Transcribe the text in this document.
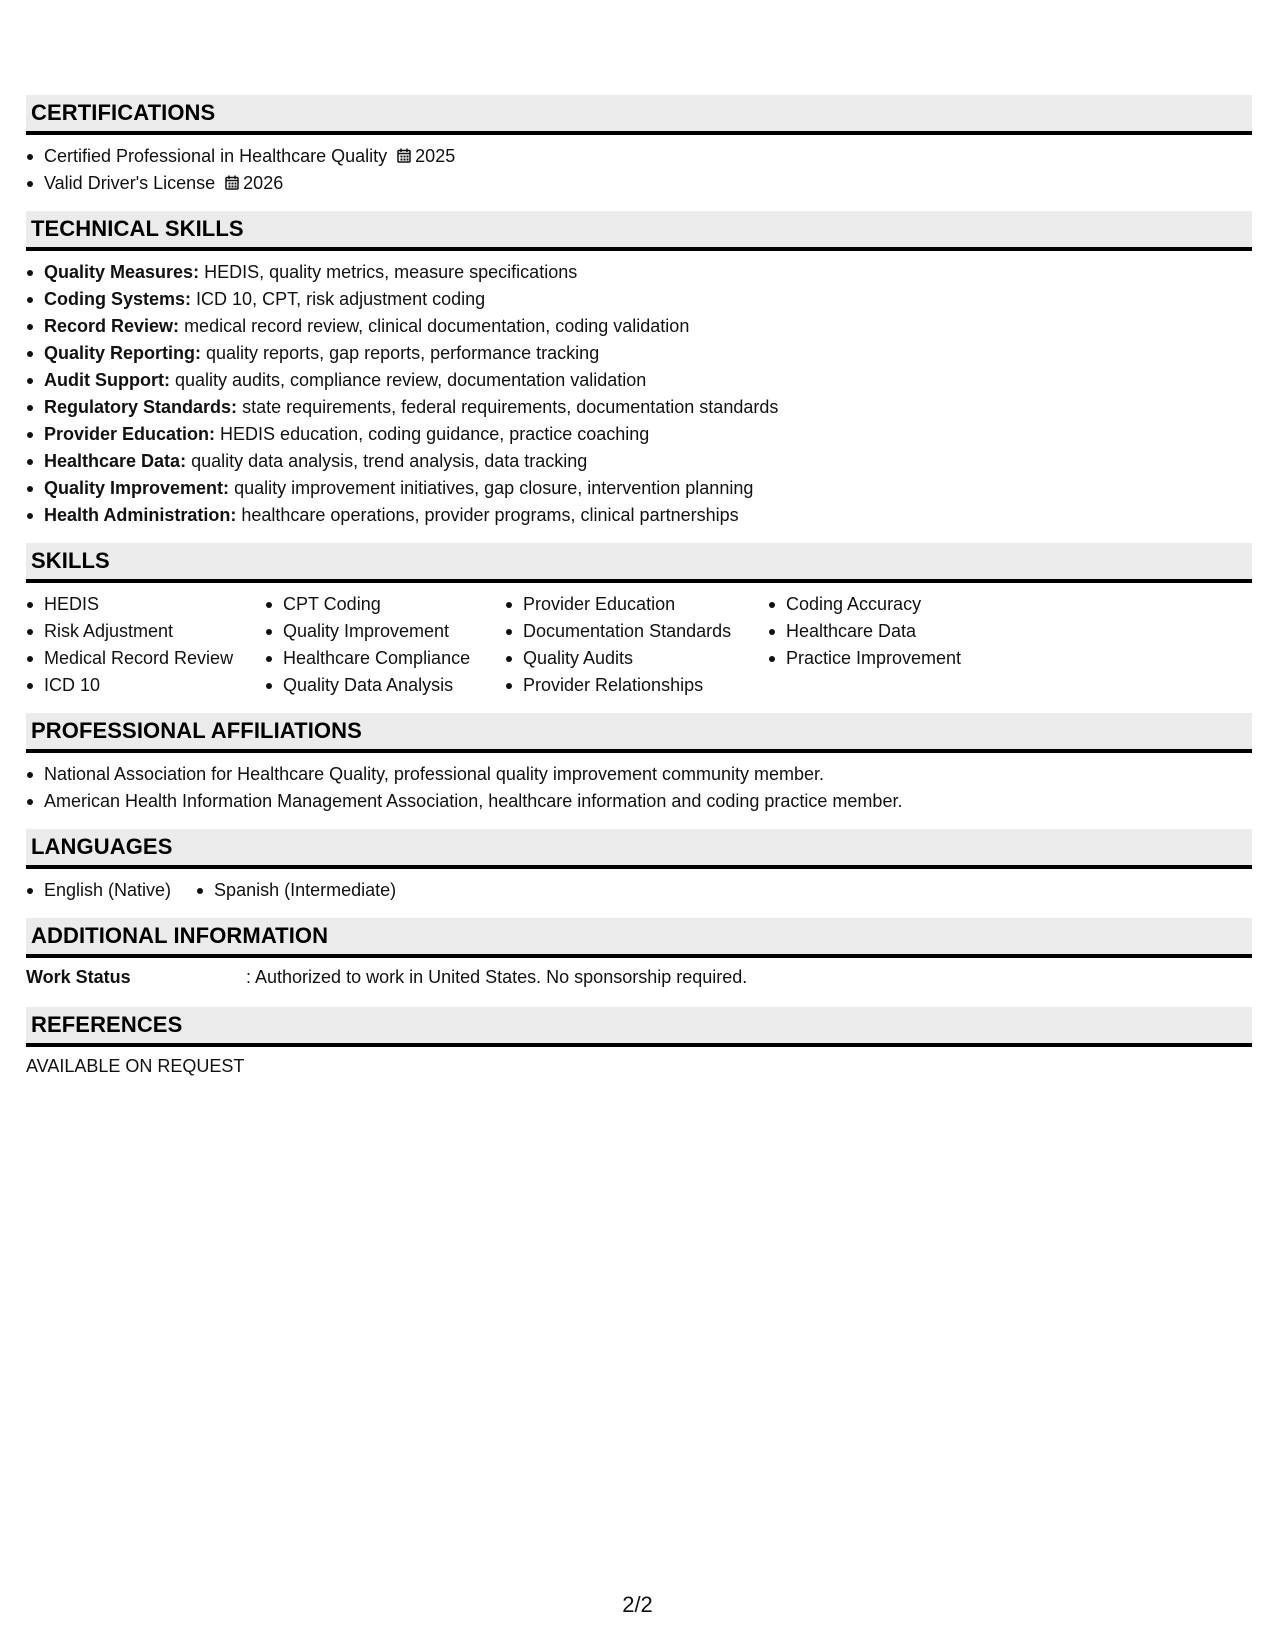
CERTIFICATIONS
Certified Professional in Healthcare Quality 2025
Valid Driver's License 2026
TECHNICAL SKILLS
Quality Measures: HEDIS, quality metrics, measure specifications
Coding Systems: ICD 10, CPT, risk adjustment coding
Record Review: medical record review, clinical documentation, coding validation
Quality Reporting: quality reports, gap reports, performance tracking
Audit Support: quality audits, compliance review, documentation validation
Regulatory Standards: state requirements, federal requirements, documentation standards
Provider Education: HEDIS education, coding guidance, practice coaching
Healthcare Data: quality data analysis, trend analysis, data tracking
Quality Improvement: quality improvement initiatives, gap closure, intervention planning
Health Administration: healthcare operations, provider programs, clinical partnerships
SKILLS
HEDIS
Risk Adjustment
Medical Record Review
ICD 10
CPT Coding
Quality Improvement
Healthcare Compliance
Quality Data Analysis
Provider Education
Documentation Standards
Quality Audits
Provider Relationships
Coding Accuracy
Healthcare Data
Practice Improvement
PROFESSIONAL AFFILIATIONS
National Association for Healthcare Quality, professional quality improvement community member.
American Health Information Management Association, healthcare information and coding practice member.
LANGUAGES
English (Native)	Spanish (Intermediate)
ADDITIONAL INFORMATION
Work Status	: Authorized to work in United States. No sponsorship required.
REFERENCES
AVAILABLE ON REQUEST
2/2
